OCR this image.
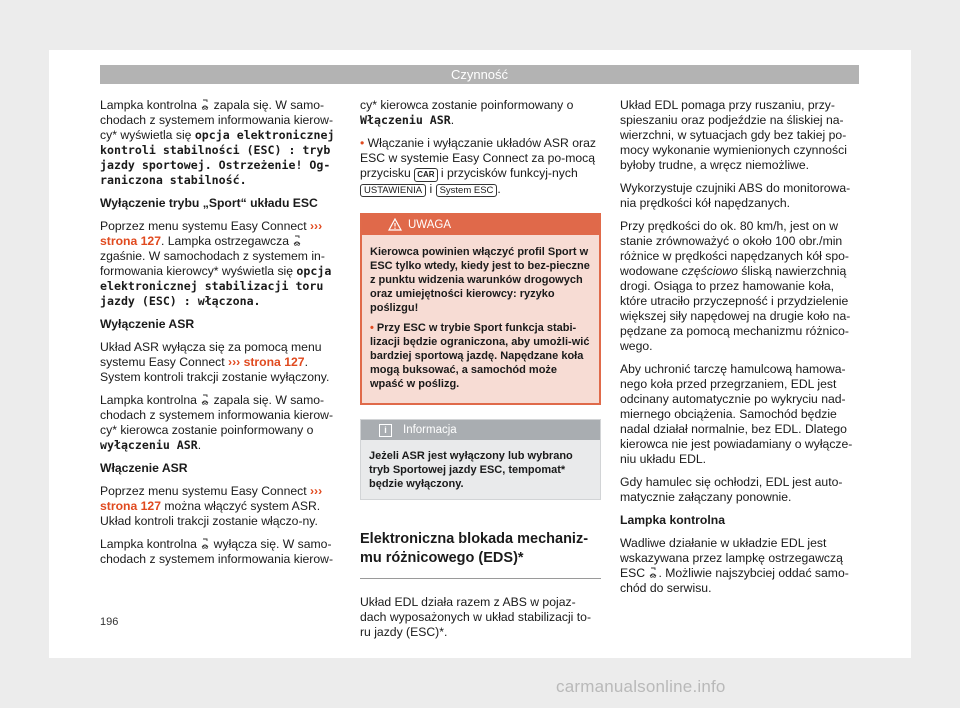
Czynność

Lampka kontrolna zapala się. W samo-chodach z systemem informowania kierow-cy* wyświetla się opcja elektronicznej kontroli stabilności (ESC) : tryb jazdy sportowej. Ostrzeżenie! Og-raniczona stabilność.

Wyłączenie trybu „Sport“ układu ESC

Poprzez menu systemu Easy Connect ››› strona 127. Lampka ostrzegawcza  zgaśnie. W samochodach z systemem in-formowania kierowcy* wyświetla się opcja elektronicznej stabilizacji toru jazdy (ESC) : włączona.

Wyłączenie ASR

Układ ASR wyłącza się za pomocą menu systemu Easy Connect ››› strona 127. System kontroli trakcji zostanie wyłączony.

Lampka kontrolna zapala się. W samo-chodach z systemem informowania kierow-cy* kierowca zostanie poinformowany o wyłączeniu ASR.

Włączenie ASR

Poprzez menu systemu Easy Connect ››› strona 127 można włączyć system ASR. Układ kontroli trakcji zostanie włączo-ny.

Lampka kontrolna wyłącza się. W samo-chodach z systemem informowania kierow-

cy* kierowca zostanie poinformowany o Włączeniu ASR.

• Włączanie i wyłączanie układów ASR oraz ESC w systemie Easy Connect za po-mocą przycisku CAR i przycisków funkcyj-nych USTAWIENIA i System ESC .

UWAGA

Kierowca powinien włączyć profil Sport w ESC tylko wtedy, kiedy jest to bez-pieczne z punktu widzenia warunków drogowych oraz umiejętności kierowcy: ryzyko poślizgu!

• Przy ESC w trybie Sport funkcja stabi-lizacji będzie ograniczona, aby umożli-wić bardziej sportową jazdę. Napędzane koła mogą buksować, a samochód może wpaść w poślizg.

i	Informacja
Jeżeli ASR jest wyłączony lub wybrano tryb Sportowej jazdy ESC, tempomat* będzie wyłączony.
Elektroniczna blokada mechaniz-mu różnicowego (EDS)*

Układ EDL działa razem z ABS w pojaz-dach wyposażonych w układ stabilizacji to-ru jazdy (ESC)*.

Układ EDL pomaga przy ruszaniu, przy-spieszaniu oraz podjeździe na śliskiej na-wierzchni, w sytuacjach gdy bez takiej po-mocy wykonanie wymienionych czynności byłoby trudne, a wręcz niemożliwe.

Wykorzystuje czujniki ABS do monitorowa-nia prędkości kół napędzanych.

Przy prędkości do ok. 80 km/h, jest on w stanie zrównoważyć o około 100 obr./min różnice w prędkości napędzanych kół spo-wodowane częściowo śliską nawierzchnią drogi. Osiąga to przez hamowanie koła, które utraciło przyczepność i przydzielenie większej siły napędowej na drugie koło na-pędzane za pomocą mechanizmu różnico-wego.

Aby uchronić tarczę hamulcową hamowa-nego koła przed przegrzaniem, EDL jest odcinany automatycznie po wykryciu nad-miernego obciążenia. Samochód będzie nadal działał normalnie, bez EDL. Dlatego kierowca nie jest powiadamiany o wyłącze-niu układu EDL.

Gdy hamulec się ochłodzi, EDL jest auto-matycznie załączany ponownie.

Lampka kontrolna

Wadliwe działanie w układzie EDL jest wskazywana przez lampkę ostrzegawczą ESC . Możliwie najszybciej oddać samo-chód do serwisu.

196
carmanualsonline.info
